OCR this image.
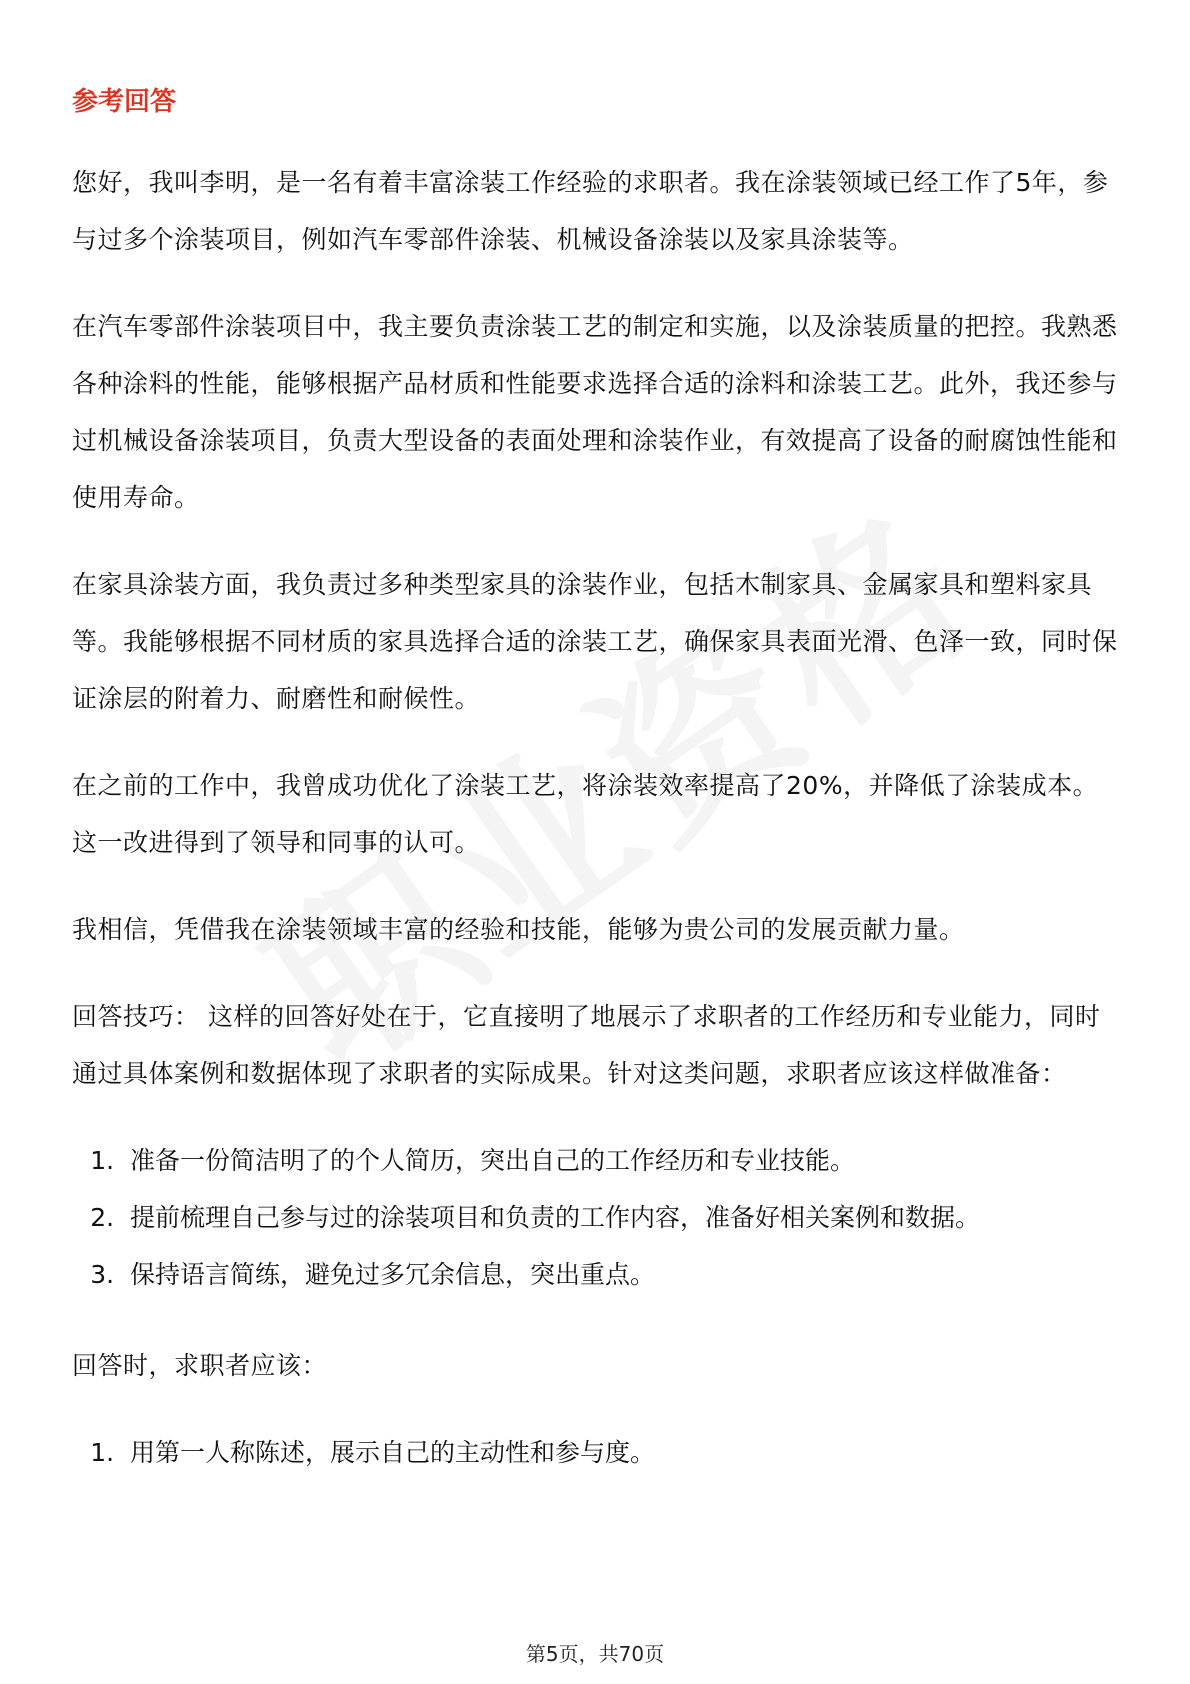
参考回答

您好，我叫李明，是一名有着丰富涂装工作经验的求职者。我在涂装领域已经工作了5年，参与过多个涂装项目，例如汽车零部件涂装、机械设备涂装以及家具涂装等。

在汽车零部件涂装项目中，我主要负责涂装工艺的制定和实施，以及涂装质量的把控。我熟悉各种涂料的性能，能够根据产品材质和性能要求选择合适的涂料和涂装工艺。此外，我还参与过机械设备涂装项目，负责大型设备的表面处理和涂装作业，有效提高了设备的耐腐蚀性能和使用寿命。

在家具涂装方面，我负责过多种类型家具的涂装作业，包括木制家具、金属家具和塑料家具等。我能够根据不同材质的家具选择合适的涂装工艺，确保家具表面光滑、色泽一致，同时保证涂层的附着力、耐磨性和耐候性。

在之前的工作中，我曾成功优化了涂装工艺，将涂装效率提高了20%，并降低了涂装成本。这一改进得到了领导和同事的认可。

我相信，凭借我在涂装领域丰富的经验和技能，能够为贵公司的发展贡献力量。

回答技巧： 这样的回答好处在于，它直接明了地展示了求职者的工作经历和专业能力，同时通过具体案例和数据体现了求职者的实际成果。针对这类问题，求职者应该这样做准备：

1. 准备一份简洁明了的个人简历，突出自己的工作经历和专业技能。
2. 提前梳理自己参与过的涂装项目和负责的工作内容，准备好相关案例和数据。
3. 保持语言简练，避免过多冗余信息，突出重点。

回答时，求职者应该：

1. 用第一人称陈述，展示自己的主动性和参与度。
第5页，共70页
